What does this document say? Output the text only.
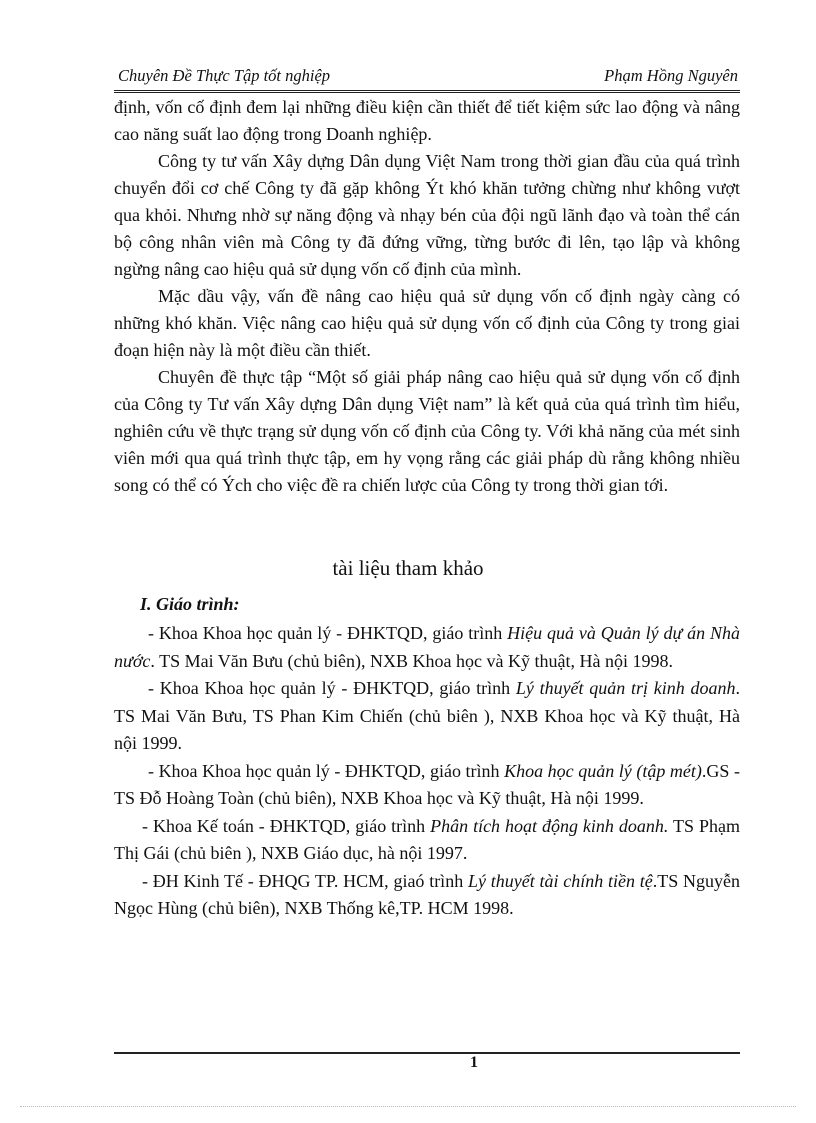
Chuyên Đề Thực Tập tốt nghiệp	Phạm Hồng Nguyên

định, vốn cố định đem lại những điều kiện cần thiết để tiết kiệm sức lao động và nâng cao năng suất lao động trong Doanh nghiệp.

Công ty tư vấn Xây dựng Dân dụng Việt Nam trong thời gian đầu của quá trình chuyển đổi cơ chế Công ty đã gặp không Ýt khó khăn tưởng chừng như không vượt qua khỏi. Nhưng nhờ sự năng động và nhạy bén của đội ngũ lãnh đạo và toàn thể cán bộ công nhân viên mà Công ty đã đứng vững, từng bước đi lên, tạo lập và không ngừng nâng cao hiệu quả sử dụng vốn cố định của mình.

Mặc dầu vậy, vấn đề nâng cao hiệu quả sử dụng vốn cố định ngày càng có những khó khăn. Việc nâng cao hiệu quả sử dụng vốn cố định của Công ty trong giai đoạn hiện này là một điều cần thiết.

Chuyên đề thực tập “Một số giải pháp nâng cao hiệu quả sử dụng vốn cố định của Công ty Tư vấn Xây dựng Dân dụng Việt nam” là kết quả của quá trình tìm hiểu, nghiên cứu về thực trạng sử dụng vốn cố định của Công ty. Với khả năng của mét sinh viên mới qua quá trình thực tập, em hy vọng rằng các giải pháp dù rằng không nhiều song có thể có Ých cho việc đề ra chiến lược của Công ty trong thời gian tới.

tài liệu tham khảo
I. Giáo trình:

- Khoa Khoa học quản lý - ĐHKTQD, giáo trình Hiệu quả và Quản lý dự án Nhà nước. TS Mai Văn Bưu (chủ biên), NXB Khoa học và Kỹ thuật, Hà nội 1998.

- Khoa Khoa học quản lý - ĐHKTQD, giáo trình Lý thuyết quản trị kinh doanh. TS Mai Văn Bưu, TS Phan Kim Chiến (chủ biên ), NXB Khoa học và Kỹ thuật, Hà nội 1999.

- Khoa Khoa học quản lý - ĐHKTQD, giáo trình Khoa học quản lý (tập mét).GS - TS Đỗ Hoàng Toàn (chủ biên), NXB Khoa học và Kỹ thuật, Hà nội 1999.

- Khoa Kế toán - ĐHKTQD, giáo trình Phân tích hoạt động kinh doanh. TS Phạm Thị Gái (chủ biên ), NXB Giáo dục, hà nội 1997.

- ĐH Kinh Tế - ĐHQG TP. HCM, giaó trình Lý thuyết tài chính tiền tệ.TS Nguyễn Ngọc Hùng (chủ biên), NXB Thống kê,TP. HCM 1998.

1
